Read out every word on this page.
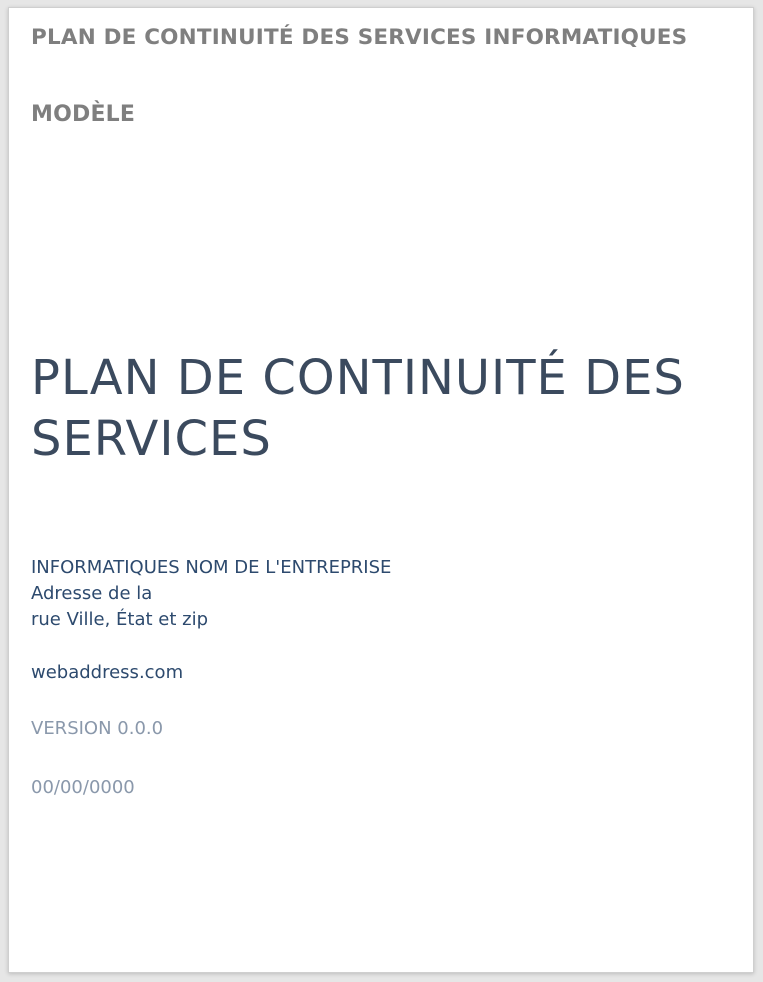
PLAN DE CONTINUITÉ DES SERVICES INFORMATIQUES
MODÈLE
PLAN DE CONTINUITÉ DES
SERVICES

INFORMATIQUES NOM DE L'ENTREPRISE

Adresse de la

rue Ville, État et zip

webaddress.com

VERSION 0.0.0

00/00/0000
